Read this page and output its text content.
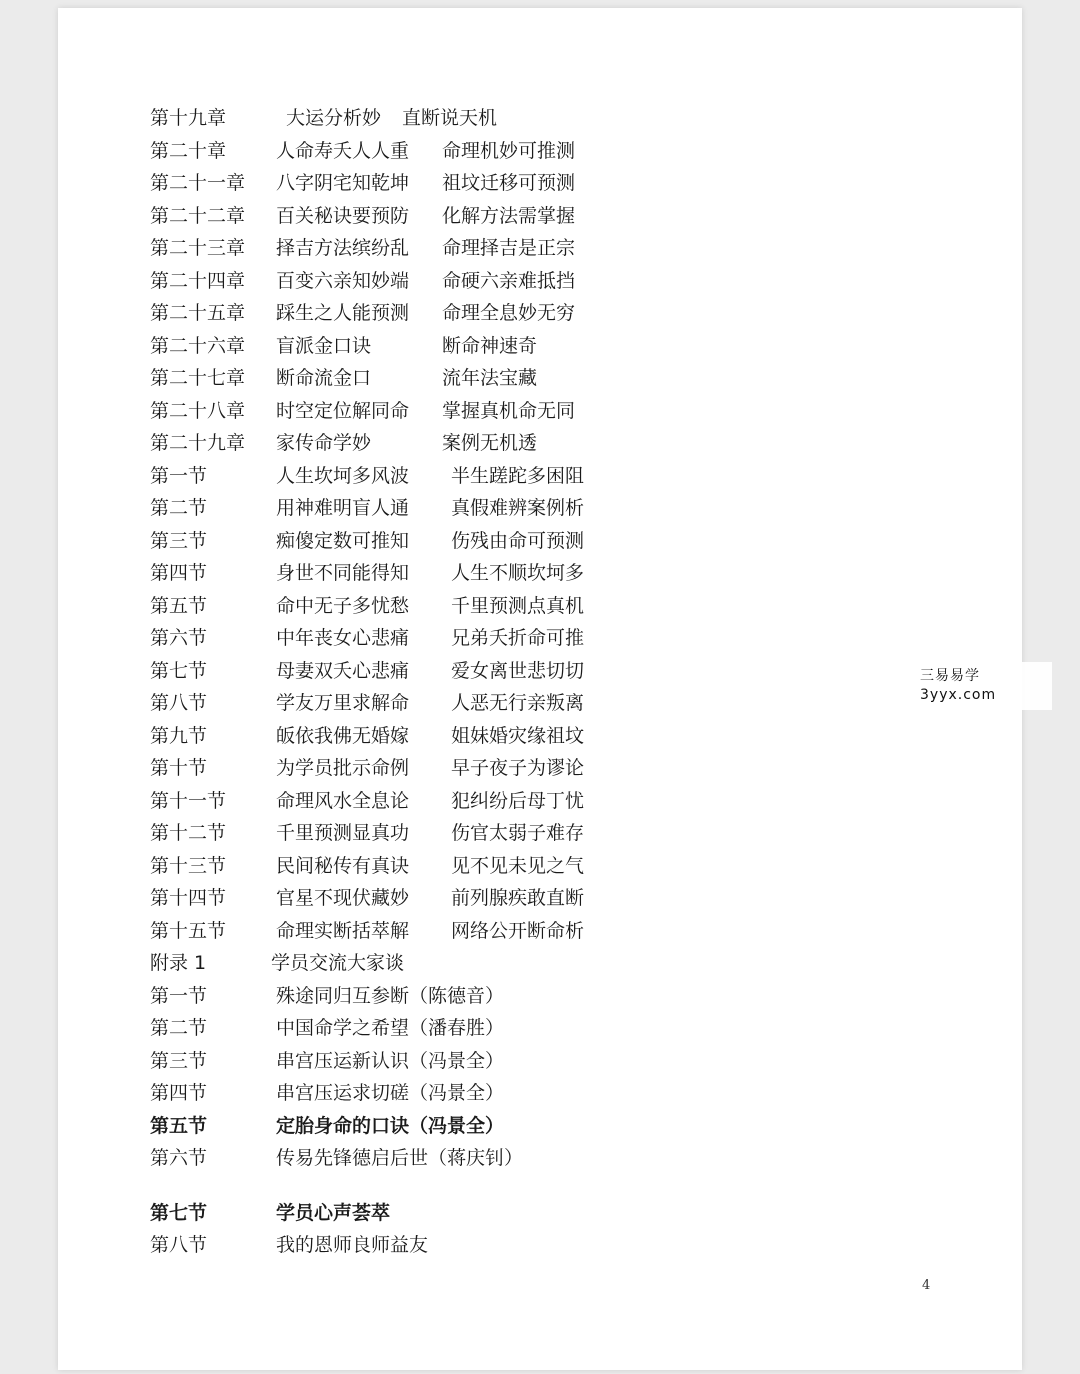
第十九章	大运分析妙 直断说天机
第二十章	人命寿夭人人重 命理机妙可推测
第二十一章 八字阴宅知乾坤 祖坟迁移可预测
第二十二章 百关秘诀要预防 化解方法需掌握
第二十三章 择吉方法缤纷乱 命理择吉是正宗
第二十四章 百变六亲知妙端 命硬六亲难抵挡
第二十五章 踩生之人能预测 命理全息妙无穷
第二十六章 盲派金口诀	断命神速奇
第二十七章 断命流金口	流年法宝藏
第二十八章 时空定位解同命 掌握真机命无同
第二十九章 家传命学妙	案例无机透
第一节	人生坎坷多风波 半生蹉跎多困阻
第二节	用神难明盲人通 真假难辨案例析
第三节	痴傻定数可推知 伤残由命可预测
第四节	身世不同能得知 人生不顺坎坷多
第五节	命中无子多忧愁 千里预测点真机
第六节	中年丧女心悲痛 兄弟夭折命可推
第七节	母妻双夭心悲痛 爱女离世悲切切
第八节	学友万里求解命 人恶无行亲叛离
第九节	皈依我佛无婚嫁 姐妹婚灾缘祖坟
第十节	为学员批示命例 早子夜子为谬论
第十一节	命理风水全息论 犯纠纷后母丁忧
第十二节	千里预测显真功 伤官太弱子难存
第十三节	民间秘传有真诀 见不见未见之气
第十四节	官星不现伏藏妙 前列腺疾敢直断
第十五节	命理实断括萃解 网络公开断命析
附录 1	学员交流大家谈
第一节	殊途同归互参断（陈德音）
第二节	中国命学之希望（潘春胜）
第三节	串宫压运新认识（冯景全）
第四节	串宫压运求切磋（冯景全）
第五节	定胎身命的口诀（冯景全）
第六节	传易先锋德启后世（蒋庆钊）
第七节	学员心声荟萃
第八节	我的恩师良师益友
4
三易易学
3yyx.com
